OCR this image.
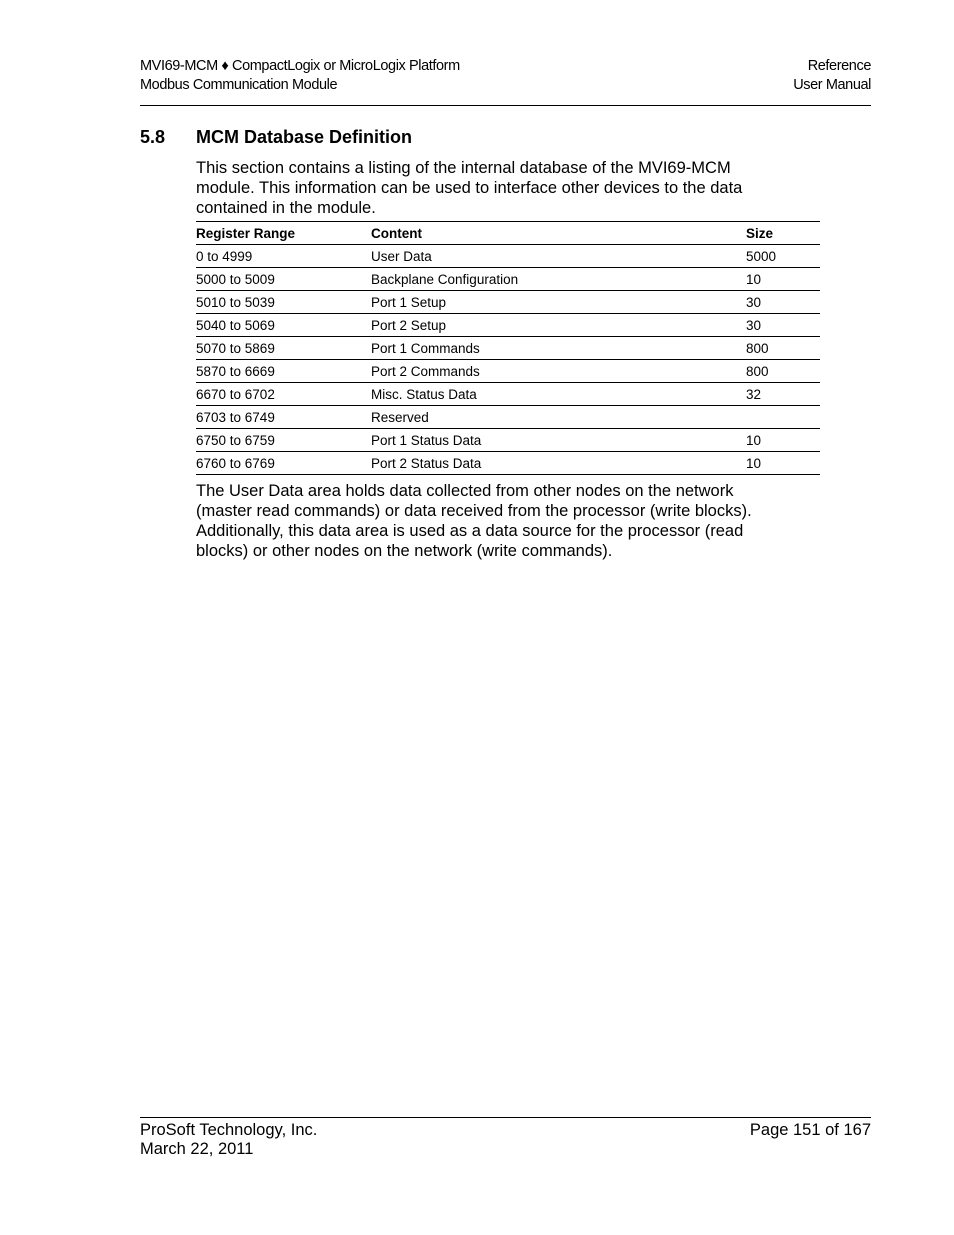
MVI69-MCM ♦ CompactLogix or MicroLogix Platform
Modbus Communication Module
Reference
User Manual
5.8 MCM Database Definition
This section contains a listing of the internal database of the MVI69-MCM
module. This information can be used to interface other devices to the data
contained in the module.
Register Range	Content	Size
0 to 4999	User Data	5000
5000 to 5009	Backplane Configuration	10
5010 to 5039	Port 1 Setup	30
5040 to 5069	Port 2 Setup	30
5070 to 5869	Port 1 Commands	800
5870 to 6669	Port 2 Commands	800
6670 to 6702	Misc. Status Data	32
6703 to 6749	Reserved	
6750 to 6759	Port 1 Status Data	10
6760 to 6769	Port 2 Status Data	10
The User Data area holds data collected from other nodes on the network
(master read commands) or data received from the processor (write blocks).
Additionally, this data area is used as a data source for the processor (read
blocks) or other nodes on the network (write commands).
ProSoft Technology, Inc.
March 22, 2011
Page 151 of 167
